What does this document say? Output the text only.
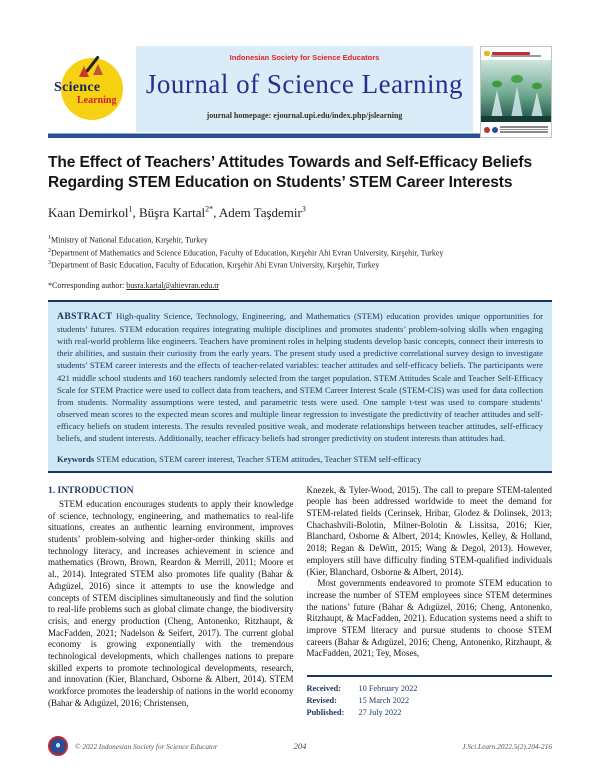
Science
Learning
Indonesian Society for Science Educators
Journal of Science Learning
journal homepage: ejournal.upi.edu/index.php/jslearning
The Effect of Teachers’ Attitudes Towards and Self-Efficacy Beliefs Regarding STEM Education on Students’ STEM Career Interests
Kaan Demirkol$^1$, Büşra Kartal$^{2*}$, Adem Taşdemir$^3$
$^1$Ministry of National Education, Kırşehir, Turkey
$^2$Department of Mathematics and Science Education, Faculty of Education, Kırşehir Ahi Evran University, Kırşehir, Turkey
$^3$Department of Basic Education, Faculty of Education, Kırşehir Ahi Evran University, Kırşehir, Turkey
*Corresponding author: busra.kartal@ahievran.edu.tr
ABSTRACT High-quality Science, Technology, Engineering, and Mathematics (STEM) education provides unique opportunities for students’ futures. STEM education requires integrating multiple disciplines and promotes students’ problem-solving skills when engaging with real-world problems like engineers. Teachers have prominent roles in helping students develop basic concepts, connect their interests to their abilities, and sustain their curiosity from the early years. The present study used a predictive correlational survey design to investigate students’ STEM career interests and the effects of teacher-related variables: teacher attitudes and self-efficacy beliefs. The participants were 421 middle school students and 160 teachers randomly selected from the target population. STEM Attitudes Scale and Teacher Self-Efficacy Scale for STEM Practice were used to collect data from teachers, and STEM Career Interest Scale (STEM-CIS) was used for data collection from students. Normality assumptions were tested, and parametric tests were used. One sample t-test was used to compare students’ observed mean scores to the expected mean scores and multiple linear regression to investigate the predictivity of teacher attitudes and self-efficacy beliefs on student interests. The results revealed positive weak, and moderate relationships between teacher attitudes, self-efficacy beliefs, and student interests. Additionally, teacher efficacy beliefs had stronger predictivity on student interests than attitudes had.
Keywords STEM education, STEM career interest, Teacher STEM attitudes, Teacher STEM self-efficacy
1. INTRODUCTION

STEM education encourages students to apply their knowledge of science, technology, engineering, and mathematics to real-life situations, creates an authentic learning environment, improves students’ problem-solving and higher-order thinking skills and technology literacy, and increases achievement in science and mathematics (Brown, Brown, Reardon & Merrill, 2011; Moore et al., 2014). Integrated STEM also promotes life quality (Bahar & Adıgüzel, 2016) since it attempts to use the knowledge and concepts of STEM disciplines simultaneously and find the solution to real-life problems such as global climate change, the biodiversity crisis, and energy production (Cheng, Antonenko, Ritzhaupt, & MacFadden, 2021; Nadelson & Seifert, 2017). The current global economy is growing exponentially with the tremendous technological developments, which challenges nations to prepare skilled experts to promote technological developments, research, and innovation (Kier, Blanchard, Osborne & Albert, 2014). STEM workforce promotes the leadership of nations in the world economy (Bahar & Adıgüzel, 2016; Christensen,

Knezek, & Tyler-Wood, 2015). The call to prepare STEM-talented people has been addressed worldwide to meet the demand for STEM-related fields (Cerinsek, Hribar, Glodez & Dolinsek, 2013; Chachashvili-Bolotin, Milner-Bolotin & Lissitsa, 2016; Kier, Blanchard, Osborne & Albert, 2014; Knowles, Kelley, & Holland, 2018; Regan & DeWitt, 2015; Wang & Degol, 2013). However, employers still have difficulty finding STEM-qualified individuals (Kier, Blanchard, Osborne & Albert, 2014).

Most governments endeavored to promote STEM education to increase the number of STEM employees since STEM determines the nations’ future (Bahar & Adıgüzel, 2016; Cheng, Antonenko, Ritzhaupt, & MacFadden, 2021). Education systems need a shift to improve STEM literacy and pursue students to choose STEM careers (Bahar & Adıgüzel, 2016; Cheng, Antonenko, Ritzhaupt, & MacFadden, 2021; Tey, Moses,

Received:	10 February 2022
Revised:	15 March 2022
Published:	27 July 2022
© 2022 Indonesian Society for Science Educator	204	J.Sci.Learn.2022.5(2).204-216
